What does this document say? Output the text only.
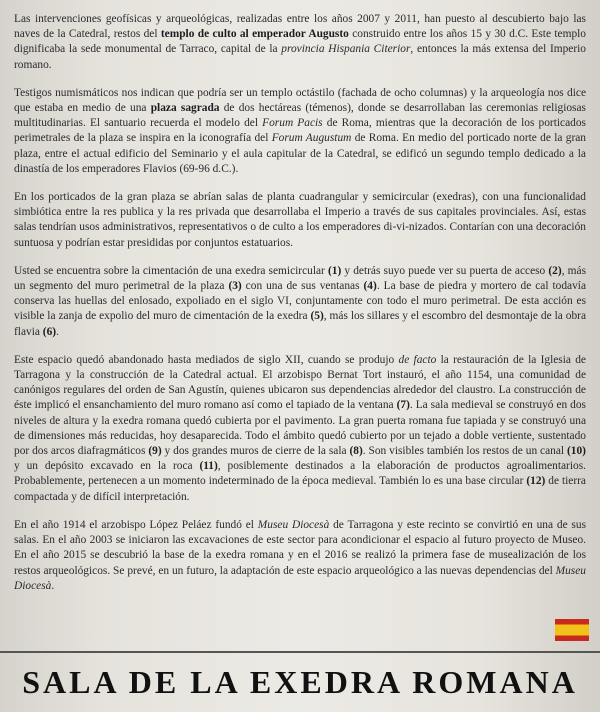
Las intervenciones geofísicas y arqueológicas, realizadas entre los años 2007 y 2011, han puesto al descubierto bajo las naves de la Catedral, restos del templo de culto al emperador Augusto construido entre los años 15 y 30 d.C. Este templo dignificaba la sede monumental de Tarraco, capital de la provincia Hispania Citerior, entonces la más extensa del Imperio romano.

Testigos numismáticos nos indican que podría ser un templo octástilo (fachada de ocho columnas) y la arqueología nos dice que estaba en medio de una plaza sagrada de dos hectáreas (témenos), donde se desarrollaban las ceremonias religiosas multitudinarias. El santuario recuerda el modelo del Forum Pacis de Roma, mientras que la decoración de los porticados perimetrales de la plaza se inspira en la iconografía del Forum Augustum de Roma. En medio del porticado norte de la gran plaza, entre el actual edificio del Seminario y el aula capitular de la Catedral, se edificó un segundo templo dedicado a la dinastía de los emperadores Flavios (69-96 d.C.).

En los porticados de la gran plaza se abrían salas de planta cuadrangular y semicircular (exedras), con una funcionalidad simbiótica entre la res publica y la res privada que desarrollaba el Imperio a través de sus capitales provinciales. Así, estas salas tendrían usos administrativos, representativos o de culto a los emperadores di-vi-nizados. Contarían con una decoración suntuosa y podrían estar presididas por conjuntos estatuarios.

Usted se encuentra sobre la cimentación de una exedra semicircular (1) y detrás suyo puede ver su puerta de acceso (2), más un segmento del muro perimetral de la plaza (3) con una de sus ventanas (4). La base de piedra y mortero de cal todavía conserva las huellas del enlosado, expoliado en el siglo VI, conjuntamente con todo el muro perimetral. De esta acción es visible la zanja de expolio del muro de cimentación de la exedra (5), más los sillares y el escombro del desmontaje de la obra flavia (6).

Este espacio quedó abandonado hasta mediados de siglo XII, cuando se produjo de facto la restauración de la Iglesia de Tarragona y la construcción de la Catedral actual. El arzobispo Bernat Tort instauró, el año 1154, una comunidad de canónigos regulares del orden de San Agustín, quienes ubicaron sus dependencias alrededor del claustro. La construcción de éste implicó el ensanchamiento del muro romano así como el tapiado de la ventana (7). La sala medieval se construyó en dos niveles de altura y la exedra romana quedó cubierta por el pavimento. La gran puerta romana fue tapiada y se construyó una de dimensiones más reducidas, hoy desaparecida. Todo el ámbito quedó cubierto por un tejado a doble vertiente, sustentado por dos arcos diafragmáticos (9) y dos grandes muros de cierre de la sala (8). Son visibles también los restos de un canal (10) y un depósito excavado en la roca (11), posiblemente destinados a la elaboración de productos agroalimentarios. Probablemente, pertenecen a un momento indeterminado de la época medieval. También lo es una base circular (12) de tierra compactada y de difícil interpretación.

En el año 1914 el arzobispo López Peláez fundó el Museu Diocesà de Tarragona y este recinto se convirtió en una de sus salas. En el año 2003 se iniciaron las excavaciones de este sector para acondicionar el espacio al futuro proyecto de Museo. En el año 2015 se descubrió la base de la exedra romana y en el 2016 se realizó la primera fase de musealización de los restos arqueológicos. Se prevé, en un futuro, la adaptación de este espacio arqueológico a las nuevas dependencias del Museu Diocesà.

SALA DE LA EXEDRA ROMANA
